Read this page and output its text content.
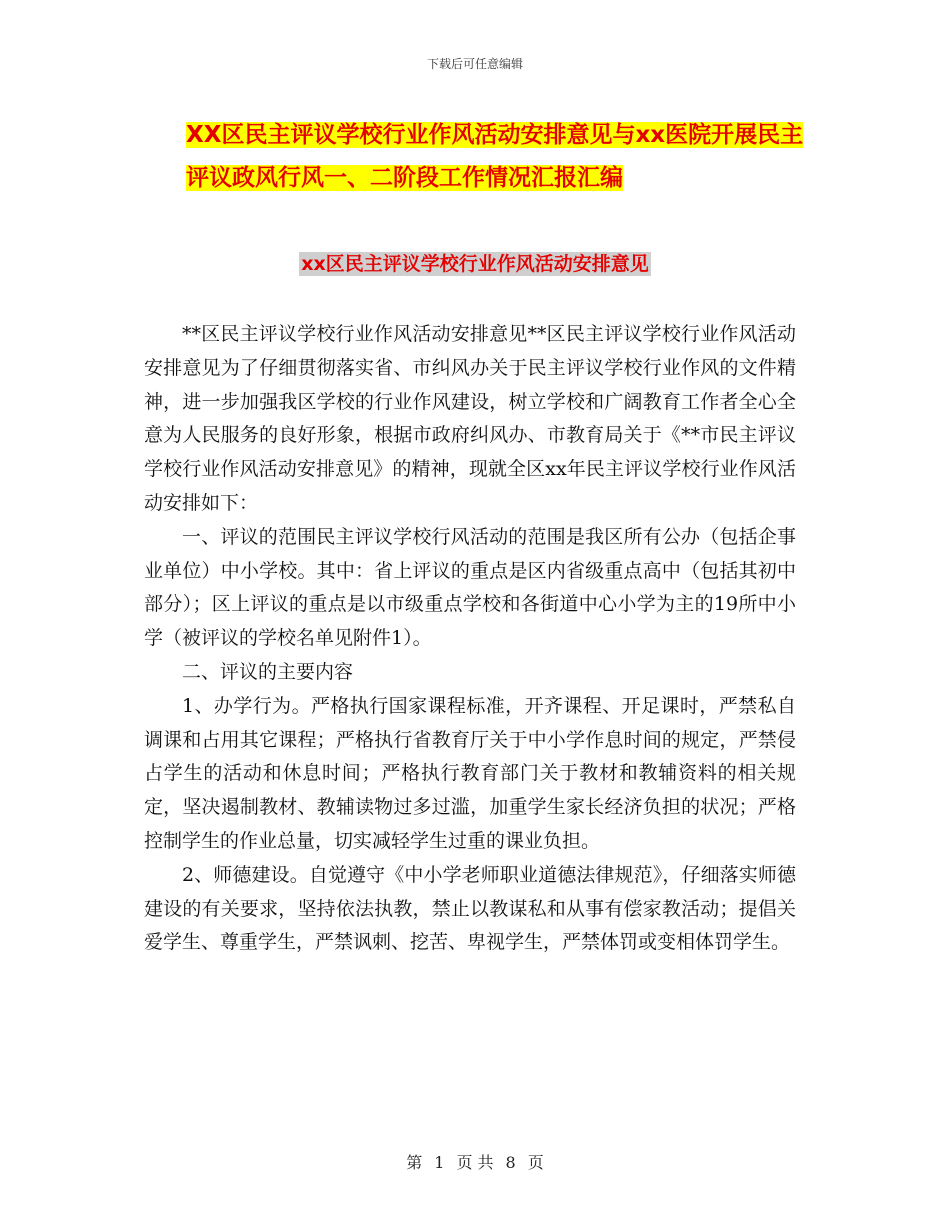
下载后可任意编辑
XX区民主评议学校行业作风活动安排意见与xx医院开展民主评议政风行风一、二阶段工作情况汇报汇编
xx区民主评议学校行业作风活动安排意见

**区民主评议学校行业作风活动安排意见**区民主评议学校行业作风活动安排意见为了仔细贯彻落实省、市纠风办关于民主评议学校行业作风的文件精神，进一步加强我区学校的行业作风建设，树立学校和广阔教育工作者全心全意为人民服务的良好形象，根据市政府纠风办、市教育局关于《**市民主评议学校行业作风活动安排意见》的精神，现就全区xx年民主评议学校行业作风活动安排如下：

一、评议的范围民主评议学校行风活动的范围是我区所有公办（包括企事业单位）中小学校。其中：省上评议的重点是区内省级重点高中（包括其初中部分）；区上评议的重点是以市级重点学校和各街道中心小学为主的19所中小学（被评议的学校名单见附件1）。

二、评议的主要内容

1、办学行为。严格执行国家课程标准，开齐课程、开足课时，严禁私自调课和占用其它课程；严格执行省教育厅关于中小学作息时间的规定，严禁侵占学生的活动和休息时间；严格执行教育部门关于教材和教辅资料的相关规定，坚决遏制教材、教辅读物过多过滥，加重学生家长经济负担的状况；严格控制学生的作业总量，切实减轻学生过重的课业负担。

2、师德建设。自觉遵守《中小学老师职业道德法律规范》，仔细落实师德建设的有关要求，坚持依法执教，禁止以教谋私和从事有偿家教活动；提倡关爱学生、尊重学生，严禁讽刺、挖苦、卑视学生，严禁体罚或变相体罚学生。

第 1 页 共 8 页
